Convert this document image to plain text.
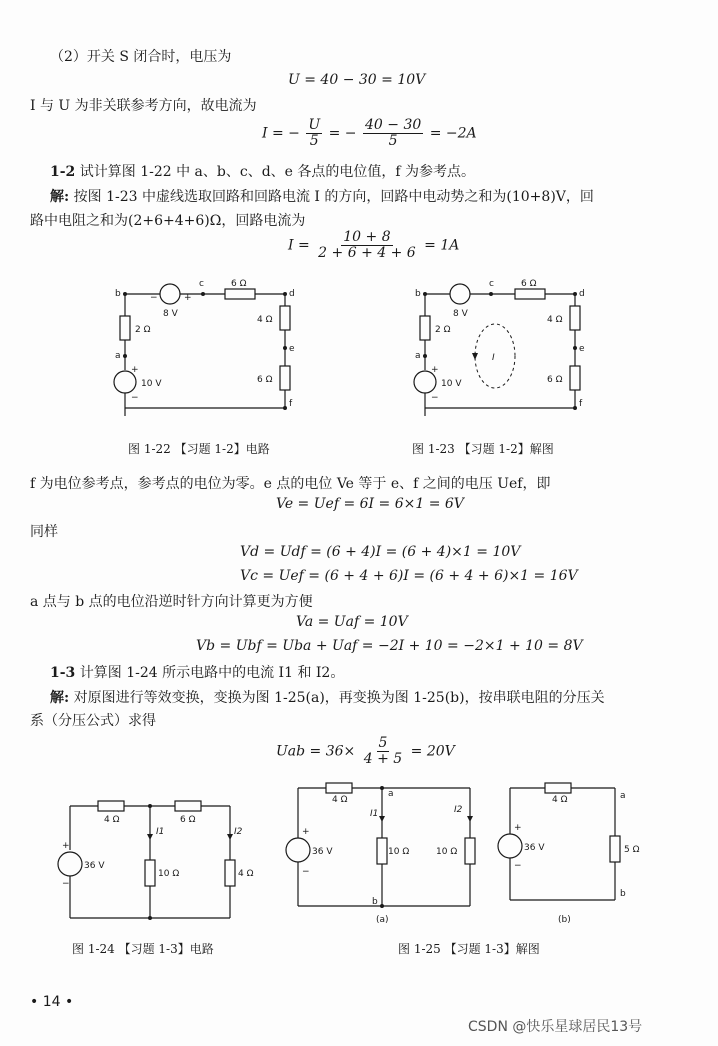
（2）开关 S 闭合时，电压为
U = 40 − 30 = 10V
I 与 U 为非关联参考方向，故电流为
I = − $\frac{U}{5}$ = − $\frac{40 - 30}{5} = -2A$
1-2 试计算图 1-22 中 a、b、c、d、e 各点的电位值，f 为参考点。
解: 按图 1-23 中虚线选取回路和回路电流 I 的方向，回路中电动势之和为(10+8)V，回
路中电阻之和为(2+6+4+6)Ω，回路电流为
$I = \frac{10 + 8}{2 + 6 + 4 + 6} = 1A$
b
c
d
a
e
f
6 Ω
2 Ω
4 Ω
6 Ω
8 V
−	+
10 V
+
−
图 1-22 【习题 1-2】电路
b
c
d
a
e
f
6 Ω
2 Ω
4 Ω
6 Ω
8 V
10 V
+
−
I
图 1-23 【习题 1-2】解图
f 为电位参考点，参考点的电位为零。e 点的电位 Ve 等于 e、f 之间的电压 Uef，即
Ve = Uef = 6I = 6×1 = 6V
同样
Vd = Udf = (6 + 4)I = (6 + 4)×1 = 10V
Vc = Uef = (6 + 4 + 6)I = (6 + 4 + 6)×1 = 16V
a 点与 b 点的电位沿逆时针方向计算更为方便
Va = Uaf = 10V
Vb = Ubf = Uba + Uaf = −2I + 10 = −2×1 + 10 = 8V
1-3 计算图 1-24 所示电路中的电流 I1 和 I2。
解: 对原图进行等效变换，变换为图 1-25(a)，再变换为图 1-25(b)，按串联电阻的分压关
系（分压公式）求得
Uab = $36\times \frac{5}{4 + 5} = 20V$
4 Ω	6 Ω
10 Ω	4 Ω
36 V
+
−
I1	I2
图 1-24 【习题 1-3】电路
4 Ω
a
b
10 Ω	10 Ω
36 V
+
−
I1	I2
(a)
4 Ω	a
b
5 Ω
36 V
+
−
(b)
图 1-25 【习题 1-3】解图
• 14 •
CSDN @快乐星球居民13号
